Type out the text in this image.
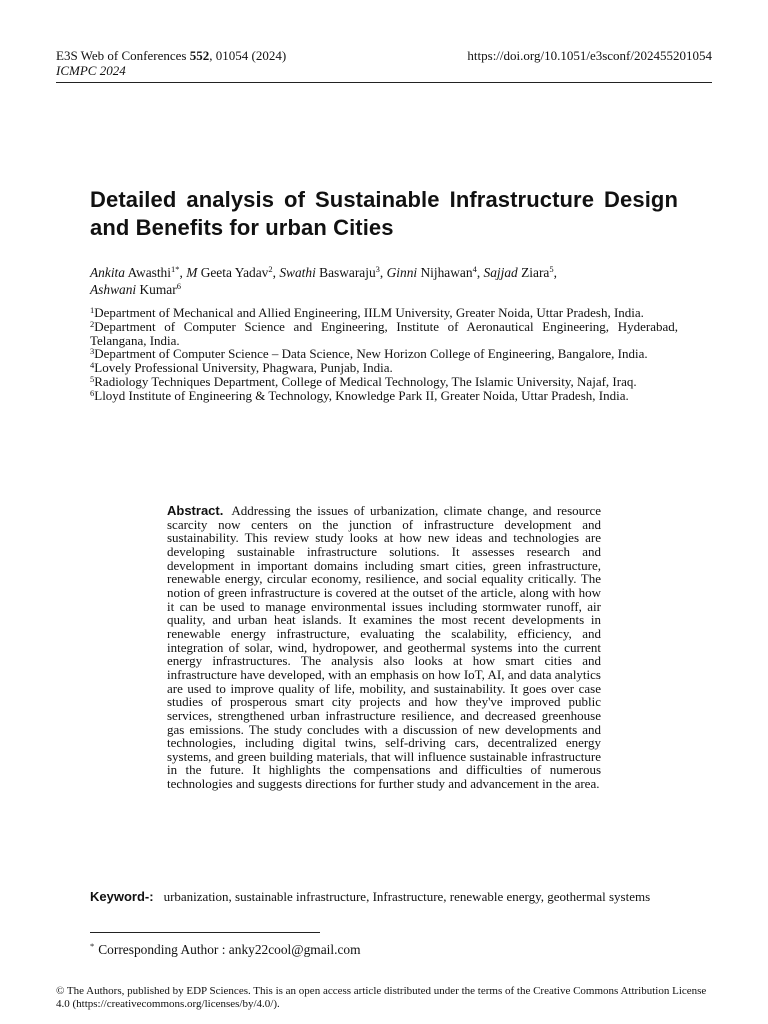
E3S Web of Conferences 552, 01054 (2024)	https://doi.org/10.1051/e3sconf/202455201054
ICMPC 2024
Detailed analysis of Sustainable Infrastructure Design and Benefits for urban Cities
Ankita Awasthi$^{1*}$, M Geeta Yadav$^2$, Swathi Baswaraju$^3$, Ginni Nijhawan$^4$, Sajjad Ziara$^5$,
Ashwani Kumar$^6$
$^1$Department of Mechanical and Allied Engineering, IILM University, Greater Noida, Uttar Pradesh, India.
$^2$Department of Computer Science and Engineering, Institute of Aeronautical Engineering, Hyderabad, Telangana, India.
$^3$Department of Computer Science – Data Science, New Horizon College of Engineering, Bangalore, India.
$^4$Lovely Professional University, Phagwara, Punjab, India.
$^5$Radiology Techniques Department, College of Medical Technology, The Islamic University, Najaf, Iraq.
$^6$Lloyd Institute of Engineering & Technology, Knowledge Park II, Greater Noida, Uttar Pradesh, India.
Abstract. Addressing the issues of urbanization, climate change, and resource scarcity now centers on the junction of infrastructure development and sustainability. This review study looks at how new ideas and technologies are developing sustainable infrastructure solutions. It assesses research and development in important domains including smart cities, green infrastructure, renewable energy, circular economy, resilience, and social equality critically. The notion of green infrastructure is covered at the outset of the article, along with how it can be used to manage environmental issues including stormwater runoff, air quality, and urban heat islands. It examines the most recent developments in renewable energy infrastructure, evaluating the scalability, efficiency, and integration of solar, wind, hydropower, and geothermal systems into the current energy infrastructures. The analysis also looks at how smart cities and infrastructure have developed, with an emphasis on how IoT, AI, and data analytics are used to improve quality of life, mobility, and sustainability. It goes over case studies of prosperous smart city projects and how they've improved public services, strengthened urban infrastructure resilience, and decreased greenhouse gas emissions. The study concludes with a discussion of new developments and technologies, including digital twins, self-driving cars, decentralized energy systems, and green building materials, that will influence sustainable infrastructure in the future. It highlights the compensations and difficulties of numerous technologies and suggests directions for further study and advancement in the area.
Keyword-: urbanization, sustainable infrastructure, Infrastructure, renewable energy, geothermal systems
* Corresponding Author : anky22cool@gmail.com
© The Authors, published by EDP Sciences. This is an open access article distributed under the terms of the Creative Commons Attribution License 4.0 (https://creativecommons.org/licenses/by/4.0/).
